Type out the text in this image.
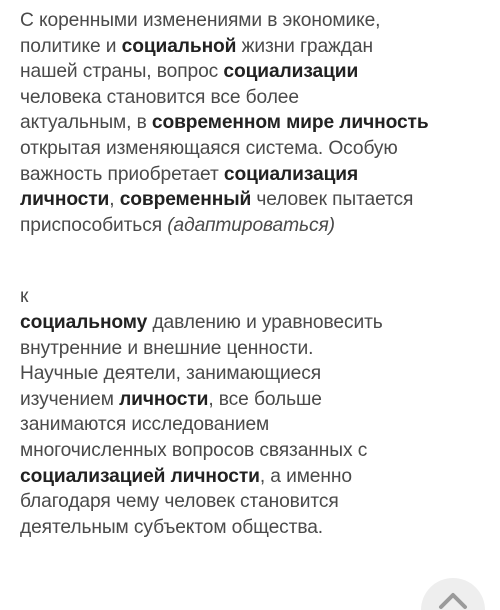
С коренными изменениями в экономике,
политике и социальной жизни граждан
нашей страны, вопрос социализации
человека становится все более
актуальным, в современном мире личность
открытая изменяющаяся система. Особую
важность приобретает социализация
личности, современный человек пытается
приспособиться (адаптироваться)

к
социальному давлению и уравновесить
внутренние и внешние ценности.
Научные деятели, занимающиеся
изучением личности, все больше
занимаются исследованием
многочисленных вопросов связанных с
социализацией личности, а именно
благодаря чему человек становится
деятельным субъектом общества.
